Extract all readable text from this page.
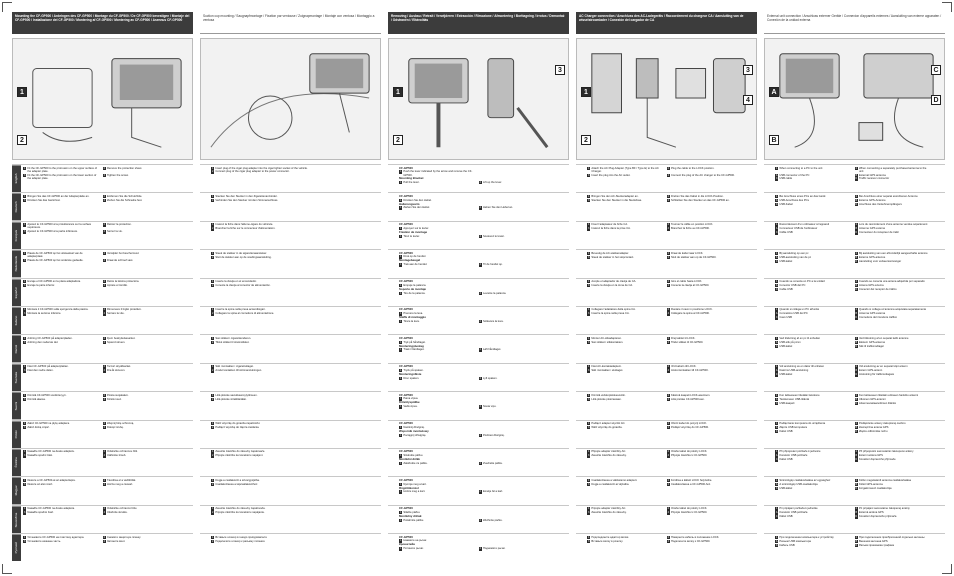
Mounting the CF-GP500 / Anbringen des CF-GP500 / Montage du CF-GP500 / De CF-GP500 bevestigen / Montaje del CF-GP500 / Installazione del CF-GP500 / Montering af CF-GP500 / Montering av CF-GP500 / Asennus CF-GP500
1
2
English
1 Fit the CF-GP500 to the protrusion on the upper surface of the adapter plate.
2 Remove the protection sheet.
3 Fit the CF-GP500 to the protrusion on the lower section of the adapter plate.
4 Tighten the screw.
Deutsch
1 Bringen Sie das CF-GP500 an der Adapterplatte an.	2 Entfernen Sie die Schutzfolie.
3 Drücken Sie das Gerät fest.	4 Ziehen Sie die Schraube fest.
Français
1 Ajustez le CF-GP500 à la protubérance sur la surface supérieure.
2 Retirez la protection.
3 Ajustez le CF-GP500 à la partie inférieure.	4 Serrez la vis.
Nederlands
1 Plaats de CF-GP500 op het uitsteeksel van de adapterplaat.
2 Verwijder het beschermvel.
3 Plaats de CF-GP500 op het onderste gedeelte.	4 Draai de schroef vast.
Español
1 Encaje el CF-GP500 en la placa adaptadora.	2 Retire la lámina protectora.
3 Encaje la parte inferior.	4 Apriete el tornillo.
Italiano
1 Montare il CF-GP500 sulla sporgenza della piastra.	2 Rimuovere il foglio protettivo.
3 Montare la sezione inferiore.	4 Serrare la vite.
Dansk
1 Anbring CF-GP500 på adapterpladen.	2 Fjern beskyttelsesarket.
3 Anbring den nederste del.	4 Spænd skruen.
Svenska
1 Fäst CF-GP500 på adapterplattan.	2 Ta bort skyddsarket.
3 Fäst den nedre delen.	4 Dra åt skruven.
Suomi
1 Kiinnitä CF-GP500 sovitinlevyyn.	2 Poista suojakalvo.
3 Kiinnitä alaosa.	4 Kiristä ruuvi.
Polski
1 Załóż CF-GP500 na płytę adaptera.	2 Zdejmij folię ochronną.
3 Załóż dolną część.	4 Dokręć śrubę.
Čeština
1 Nasaďte CF-GP500 na desku adaptéru.	2 Odstraňte ochrannou fólii.
3 Nasaďte spodní část.	4 Utáhněte šroub.
Magyar
1 Illessze a CF-GP500-at az adapterlapra.	2 Távolítsa el a védőfóliát.
3 Illessze az alsó részt.	4 Húzza meg a csavart.
Slovenčina
1 Nasaďte CF-GP500 na dosku adaptéra.	2 Odstráňte ochrannú fóliu.
3 Nasaďte spodnú časť.	4 Utiahnite skrutku.
Русский
1 Установите CF-GP500 на пластину адаптера.	2 Снимите защитную пленку.
3 Установите нижнюю часть.	4 Затяните винт.
Suction cup mounting / Saugnapfmontage / Fixation par ventouse / Zuignapmontage / Montaje con ventosa / Montaggio a ventosa
1 Insert plug of the cigar plug adapter into the cigar lighter socket of the vehicle.
2 Connect plug of the cigar plug adapter to the power connector.
1 Stecken Sie den Stecker in den Zigarettenanzünder.
2 Verbinden Sie den Stecker mit dem Stromanschluss.
1 Insérez la fiche dans l'allume-cigare du véhicule.
2 Branchez la fiche sur le connecteur d'alimentation.
1 Steek de stekker in de sigarettenaansteker.
2 Sluit de stekker aan op de voedingsaansluiting.
1 Inserte la clavija en el encendedor.
2 Conecte la clavija al conector de alimentación.
1 Inserire la spina nella presa accendisigari.
2 Collegare la spina al connettore di alimentazione.
1 Sæt stikket i cigarettænderen.
2 Tilslut stikket til strømstikket.
1 Sätt i kontakten i cigarettuttaget.
2 Anslut kontakten till strömanslutningen.
1 Liitä pistoke savukkeensytyttimeen.
2 Liitä pistoke virtaliitäntään.
1 Włóż wtyczkę do gniazda zapalniczki.
2 Podłącz wtyczkę do złącza zasilania.
1 Zasuňte zástrčku do zásuvky zapalovače.
2 Připojte zástrčku ke konektoru napájení.
1 Dugja a csatlakozót a szivargyújtóba.
2 Csatlakoztassa a tápcsatlakozóhoz.
1 Zasuňte zástrčku do zásuvky zapaľovača.
2 Pripojte zástrčku ku konektoru napájania.
1 Вставьте штекер в гнездо прикуривателя.
2 Подключите штекер к разъему питания.
Removing / Ausbau / Retrait / Verwijderen / Extracción / Rimozione / Afmontering / Borttagning / Irrotus / Demontaż / Odstranění / Eltávolítás
1
2
3
CF-GP500
1 Push the lever indicated by the arrow and remove the CF-GP500.
Mounting Bracket
1 Pull the lever.	2 Lift up the lever.
CF-GP500
1 Drücken Sie den Hebel.
Halterungsarm
1 Ziehen Sie den Hebel.	2 Heben Sie den Hebel an.
CF-GP500
1 Appuyez sur le levier.
Fixation de montage
1 Tirez le levier.	2 Soulevez le levier.
CF-GP500
1 Druk op de hendel.
Montagebeugel
1 Trek aan de hendel.	2 Til de hendel op.
CF-GP500
1 Empuje la palanca.
Soporte de montaje
1 Tire de la palanca.	2 Levante la palanca.
CF-GP500
1 Premere la leva.
Staffa di montaggio
1 Tirare la leva.	2 Sollevare la leva.
CF-GP500
1 Tryk på håndtaget.
Monteringsbeslag
1 Træk i håndtaget.	2 Løft håndtaget.
CF-GP500
1 Tryck på spaken.
Monteringsfäste
1 Dra i spaken.	2 Lyft spaken.
CF-GP500
1 Paina vipua.
Kiinnityspidike
1 Vedä vipua.	2 Nosta vipu.
CF-GP500
1 Naciśnij dźwignię.
Wspornik montażowy
1 Pociągnij dźwignię.	2 Podnieś dźwignię.
CF-GP500
1 Stiskněte páčku.
Montážní držák
1 Zatáhněte za páčku.	2 Zvedněte páčku.
CF-GP500
1 Nyomja meg a kart.
Rögzítőkonzol
1 Húzza meg a kart.	2 Emelje fel a kart.
CF-GP500
1 Stlačte páčku.
Montážny držiak
1 Potiahnite páčku.	2 Zdvihnite páčku.
CF-GP500
1 Нажмите на рычаг.
Кронштейн
1 Потяните рычаг.	2 Поднимите рычаг.
AC Charger connection / Anschluss des AC-Ladegeräts / Raccordement du chargeur CA / Aansluiting van de wisselstroomlader / Conexión del cargador de CA
1
2
3
4
1 Attach the AC Plug Adapter (Type BF / Type E) to the AC Charger.
2 Plug the cable to the LOCK position.
3 Insert the plug into the AC outlet.	4 Connect the plug of the AC charger to the CF-GP500.
1 Bringen Sie den AC-Steckeradapter an.	2 Drehen Sie das Kabel in die LOCK-Position.
3 Stecken Sie den Stecker in die Steckdose.	4 Schließen Sie den Stecker an das CF-GP500 an.
1 Fixez l'adaptateur de fiche CA.	2 Tournez le câble en position LOCK.
3 Insérez la fiche dans la prise CA.	4 Branchez la fiche au CF-GP500.
1 Bevestig de AC-stekkeradapter.	2 Draai de kabel naar LOCK.
3 Steek de stekker in het stopcontact.	4 Sluit de stekker aan op de CF-GP500.
1 Acople el adaptador de clavija de CA.	2 Gire el cable hasta LOCK.
3 Inserte la clavija en la toma de CA.	4 Conecte la clavija al CF-GP500.
1 Collegare l'adattatore della spina CA.	2 Ruotare il cavo in posizione LOCK.
3 Inserire la spina nella presa CA.	4 Collegare la spina al CF-GP500.
1 Monter AC-stikadapteren.	2 Drej kablet til LOCK.
3 Sæt stikket i stikkontakten.	4 Tilslut stikket til CF-GP500.
1 Fäst AC-kontaktadaptern.	2 Vrid kabeln till LOCK.
3 Sätt i kontakten i eluttaget.	4 Anslut kontakten till CF-GP500.
1 Kiinnitä verkkopistokesovitin.	2 Käännä kaapeli LOCK-asentoon.
3 Liitä pistoke pistorasiaan.	4 Liitä pistoke CF-GP500:een.
1 Podłącz adapter wtyczki AC.	2 Obróć kabel do pozycji LOCK.
3 Włóż wtyczkę do gniazda.	4 Podłącz wtyczkę do CF-GP500.
1 Připojte adaptér zástrčky AC.	2 Otočte kabel do polohy LOCK.
3 Zasuňte zástrčku do zásuvky.	4 Připojte zástrčku k CF-GP500.
1 Csatlakoztassa a váltóáramú adaptert.	2 Fordítsa a kábelt LOCK helyzetbe.
3 Dugja a csatlakozót az aljzatba.	4 Csatlakoztassa a CF-GP500-hoz.
1 Pripojte adaptér zástrčky AC.	2 Otočte kábel do polohy LOCK.
3 Zasuňte zástrčku do zásuvky.	4 Pripojte zástrčku k CF-GP500.
1 Подсоедините адаптер вилки.	2 Поверните кабель в положение LOCK.
3 Вставьте вилку в розетку.	4 Подключите вилку к CF-GP500.
External unit connection / Anschluss externer Geräte / Connexion d'appareils externes / Aansluiting van externe apparaten / Conexión de la unidad externa
A
B
C
D
1 When connecting to a PC to the unit	2 When connecting a separately purchased antenna to the unit
A USB connector of the PC	B External GPS antenna
C USB cable	D Traffic receiver connector
1 Bei Anschluss eines PCs an das Gerät	2 Bei Anschluss einer separat erworbenen Antenne
A USB-Anschluss des PCs	B Externe GPS-Antenne
C USB-Kabel	D Anschluss des Verkehrsempfängers
1 Raccordement d'un ordinateur à l'appareil	2 Lors du raccordement d'une antenne vendue séparément
A Connecteur USB de l'ordinateur	B Antenne GPS externe
C Câble USB	D Connecteur du récepteur de trafic
1 Bij aansluiting op een pc	2 Bij aansluiting van een afzonderlijk aangeschafte antenne
A USB-aansluiting van de pc	B Externe GPS-antenne
C USB-kabel	D Aansluiting voor verkeersontvanger
1 Cuando se conecta un PC a la unidad	2 Cuando se conecta una antena adquirida por separado
A Conector USB del PC	B Antena GPS externa
C Cable USB	D Conector del receptor de tráfico
1 Quando si collega un PC all'unità	2 Quando si collega un'antenna acquistata separatamente
A Connettore USB del PC	B Antenna GPS esterna
C Cavo USB	D Connettore del ricevitore traffico
1 Ved tilslutning af en pc til enheden	2 Ved tilslutning af en separat købt antenne
A USB-stik på pc'en	B Ekstern GPS-antenne
C USB-kabel	D Stik til trafikmodtager
1 Vid anslutning av en dator till enheten	2 Vid anslutning av en separat köpt antenn
A Datorns USB-anslutning	B Extern GPS-antenn
C USB-kabel	D Anslutning för trafikmottagare
1 Kun laitteeseen liitetään tietokone	2 Kun laitteeseen liitetään erikseen hankittu antenni
A Tietokoneen USB-liitäntä	B Ulkoinen GPS-antenni
C USB-kaapeli	D Liikennevastaanottimen liitäntä
1 Podłączanie komputera do urządzenia	2 Podłączanie anteny zakupionej osobno
A Złącze USB komputera	B Zewnętrzna antena GPS
C Kabel USB	D Złącze odbiornika ruchu
1 Při připojování počítače k jednotce	2 Při připojování samostatně zakoupené antény
A Konektor USB počítače	B Externí anténa GPS
C Kabel USB	D Konektor dopravního přijímače
1 Számítógép csatlakoztatása az egységhez	2 Külön megvásárolt antenna csatlakoztatása
A A számítógép USB-csatlakozója	B Külső GPS-antenna
C USB-kábel	D Forgalomvevő csatlakozója
1 Pri pripájaní počítača k jednotke	2 Pri pripájaní samostatne zakúpenej antény
A Konektor USB počítača	B Externá anténa GPS
C Kábel USB	D Konektor dopravného prijímača
1 При подключении компьютера к устройству	2 При подключении приобретенной отдельно антенны
A Разъем USB компьютера	B Внешняя антенна GPS
C Кабель USB	D Разъем приемника трафика
